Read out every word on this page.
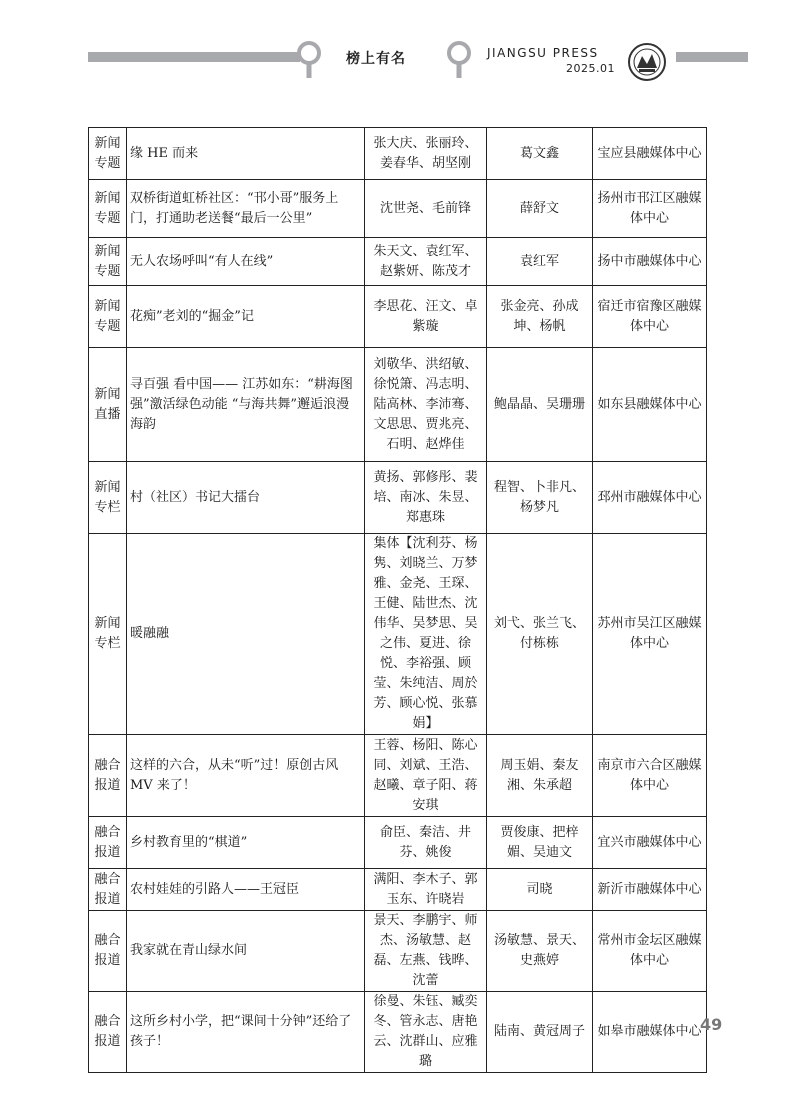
榜上有名	JIANGSU PRESS
2025.01
新闻专题	缘 HE 而来	张大庆、张丽玲、姜春华、胡坚刚	葛文鑫	宝应县融媒体中心
新闻专题	双桥街道虹桥社区：“邗小哥”服务上门，打通助老送餐“最后一公里”	沈世尧、毛前锋	薛舒文	扬州市邗江区融媒体中心
新闻专题	无人农场呼叫“有人在线”	朱天文、袁红军、赵紫妍、陈茂才	袁红军	扬中市融媒体中心
新闻专题	花痴”老刘的“掘金”记	李思花、汪文、卓紫璇	张金亮、孙成坤、杨帆	宿迁市宿豫区融媒体中心
新闻直播	寻百强 看中国—— 江苏如东：“耕海图强”激活绿色动能 “与海共舞”邂逅浪漫海韵	刘敬华、洪绍敏、徐悦箫、冯志明、陆高林、李沛骞、文思思、贾兆亮、石明、赵烨佳	鲍晶晶、吴珊珊	如东县融媒体中心
新闻专栏	村（社区）书记大擂台	黄扬、郭修彤、裴培、南冰、朱昱、郑惠珠	程智、卜非凡、杨梦凡	邳州市融媒体中心
新闻专栏	暖融融	集体【沈利芬、杨隽、刘晓兰、万梦雅、金尧、王琛、王健、陆世杰、沈伟华、吴梦思、吴之伟、夏进、徐悦、李裕强、顾莹、朱纯洁、周於芳、顾心悦、张慕娟】	刘弋、张兰飞、付栋栋	苏州市吴江区融媒体中心
融合报道	这样的六合，从未“听”过！原创古风 MV 来了！	王蓉、杨阳、陈心同、刘斌、王浩、赵曦、章子阳、蒋安琪	周玉娟、秦友湘、朱承超	南京市六合区融媒体中心
融合报道	乡村教育里的“棋道”	俞臣、秦洁、井芬、姚俊	贾俊康、把梓媚、吴迪文	宜兴市融媒体中心
融合报道	农村娃娃的引路人——王冠臣	满阳、李木子、郭玉东、许晓岩	司晓	新沂市融媒体中心
融合报道	我家就在青山绿水间	景天、李鹏宇、师杰、汤敏慧、赵磊、左燕、钱晔、沈蕾	汤敏慧、景天、史燕婷	常州市金坛区融媒体中心
融合报道	这所乡村小学，把“课间十分钟”还给了孩子！	徐曼、朱钰、臧奕冬、管永志、唐艳云、沈群山、应雅璐	陆南、黄冠周子	如皋市融媒体中心
49
